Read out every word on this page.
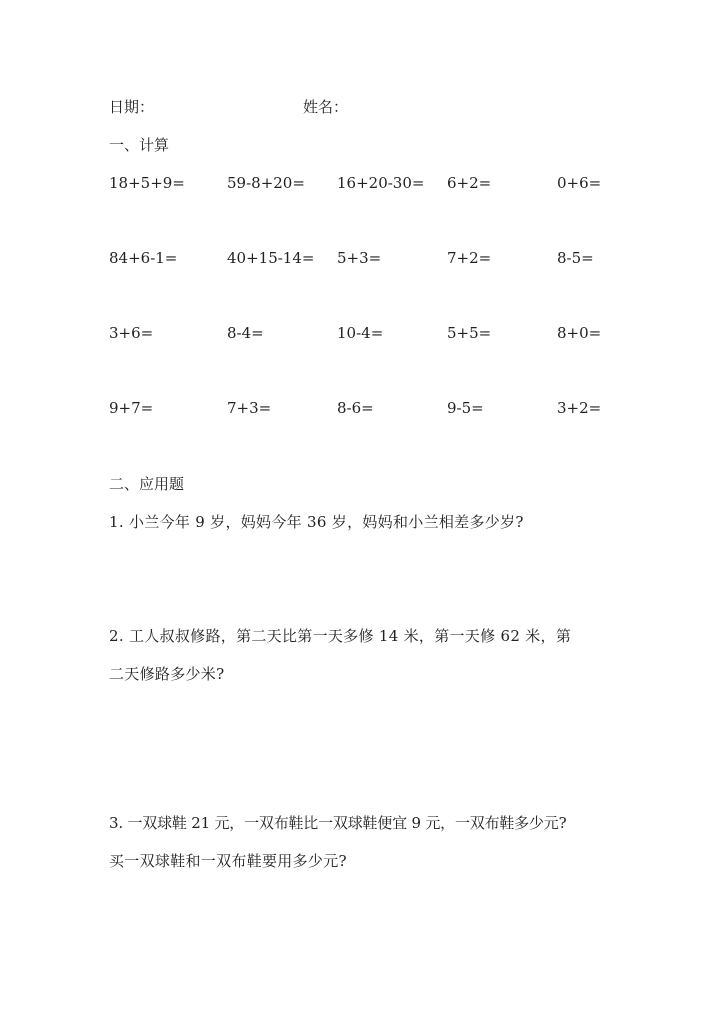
日期：	姓名：
一、计算
18+5+9=	59-8+20= 16+20-30= 6+2=	0+6=
84+6-1=	40+15-14= 5+3=	7+2=	8-5=
3+6=	8-4=	10-4=	5+5=	8+0=
9+7=	7+3=	8-6=	9-5=	3+2=
二、应用题
1. 小兰今年 9 岁，妈妈今年 36 岁，妈妈和小兰相差多少岁?
2. 工人叔叔修路，第二天比第一天多修 14 米，第一天修 62 米，第
二天修路多少米?
3. 一双球鞋 21 元，一双布鞋比一双球鞋便宜 9 元，一双布鞋多少元?
买一双球鞋和一双布鞋要用多少元?
